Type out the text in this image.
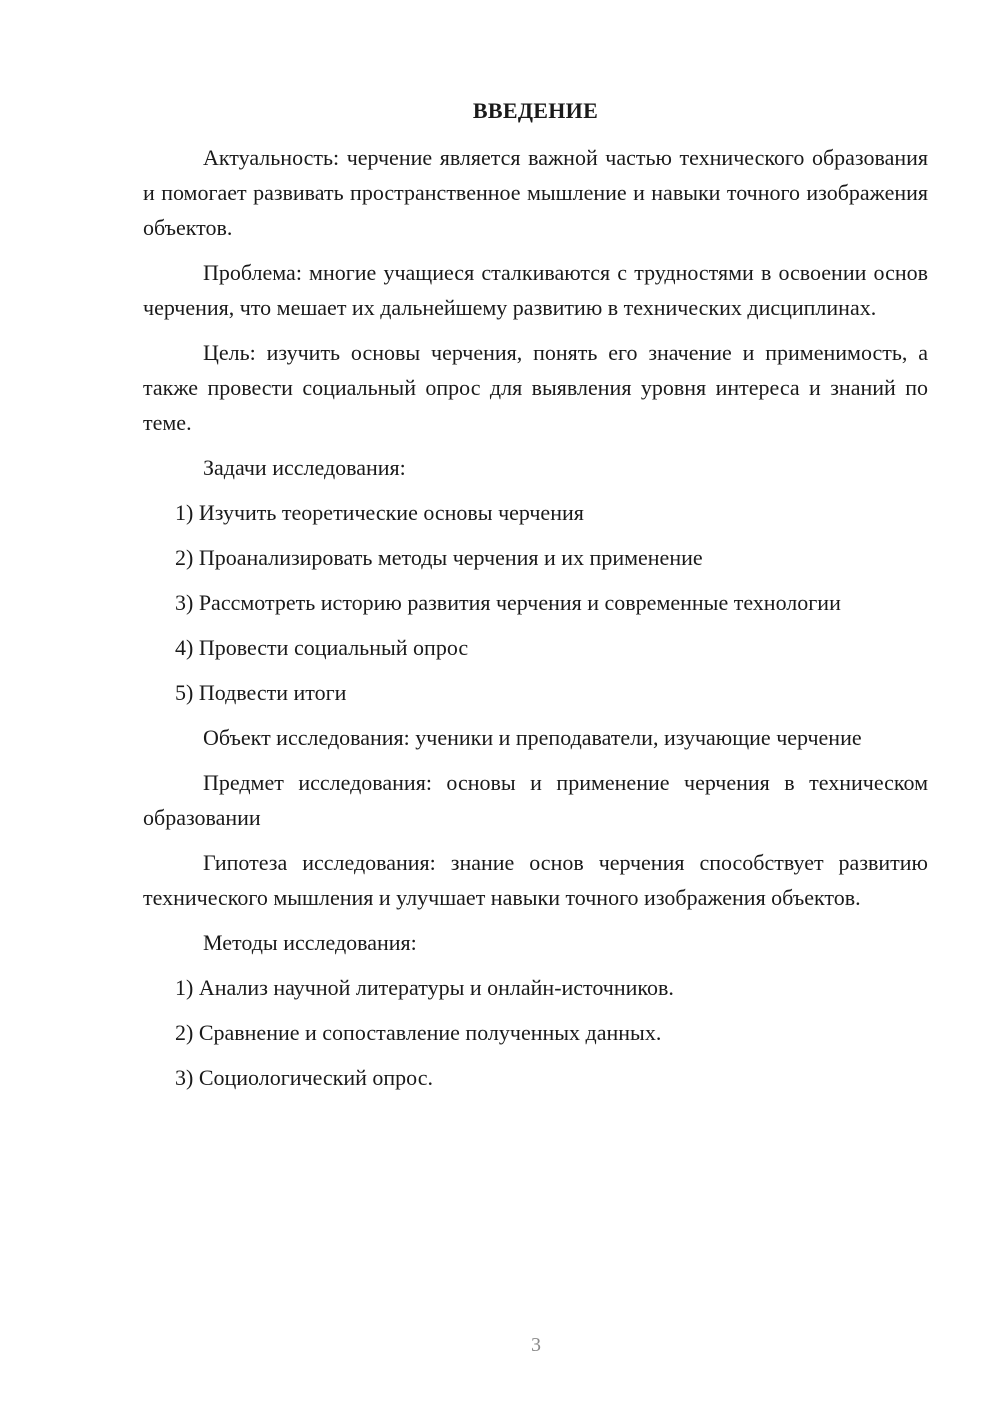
ВВЕДЕНИЕ

Актуальность: черчение является важной частью технического образования и помогает развивать пространственное мышление и навыки точного изображения объектов.

Проблема: многие учащиеся сталкиваются с трудностями в освоении основ черчения, что мешает их дальнейшему развитию в технических дисциплинах.

Цель: изучить основы черчения, понять его значение и применимость, а также провести социальный опрос для выявления уровня интереса и знаний по теме.

Задачи исследования:

1) Изучить теоретические основы черчения
2) Проанализировать методы черчения и их применение
3) Рассмотреть историю развития черчения и современные технологии
4) Провести социальный опрос
5) Подвести итоги

Объект исследования: ученики и преподаватели, изучающие черчение

Предмет исследования: основы и применение черчения в техническом образовании

Гипотеза исследования: знание основ черчения способствует развитию технического мышления и улучшает навыки точного изображения объектов.

Методы исследования:

1) Анализ научной литературы и онлайн-источников.
2) Сравнение и сопоставление полученных данных.
3) Социологический опрос.
3
